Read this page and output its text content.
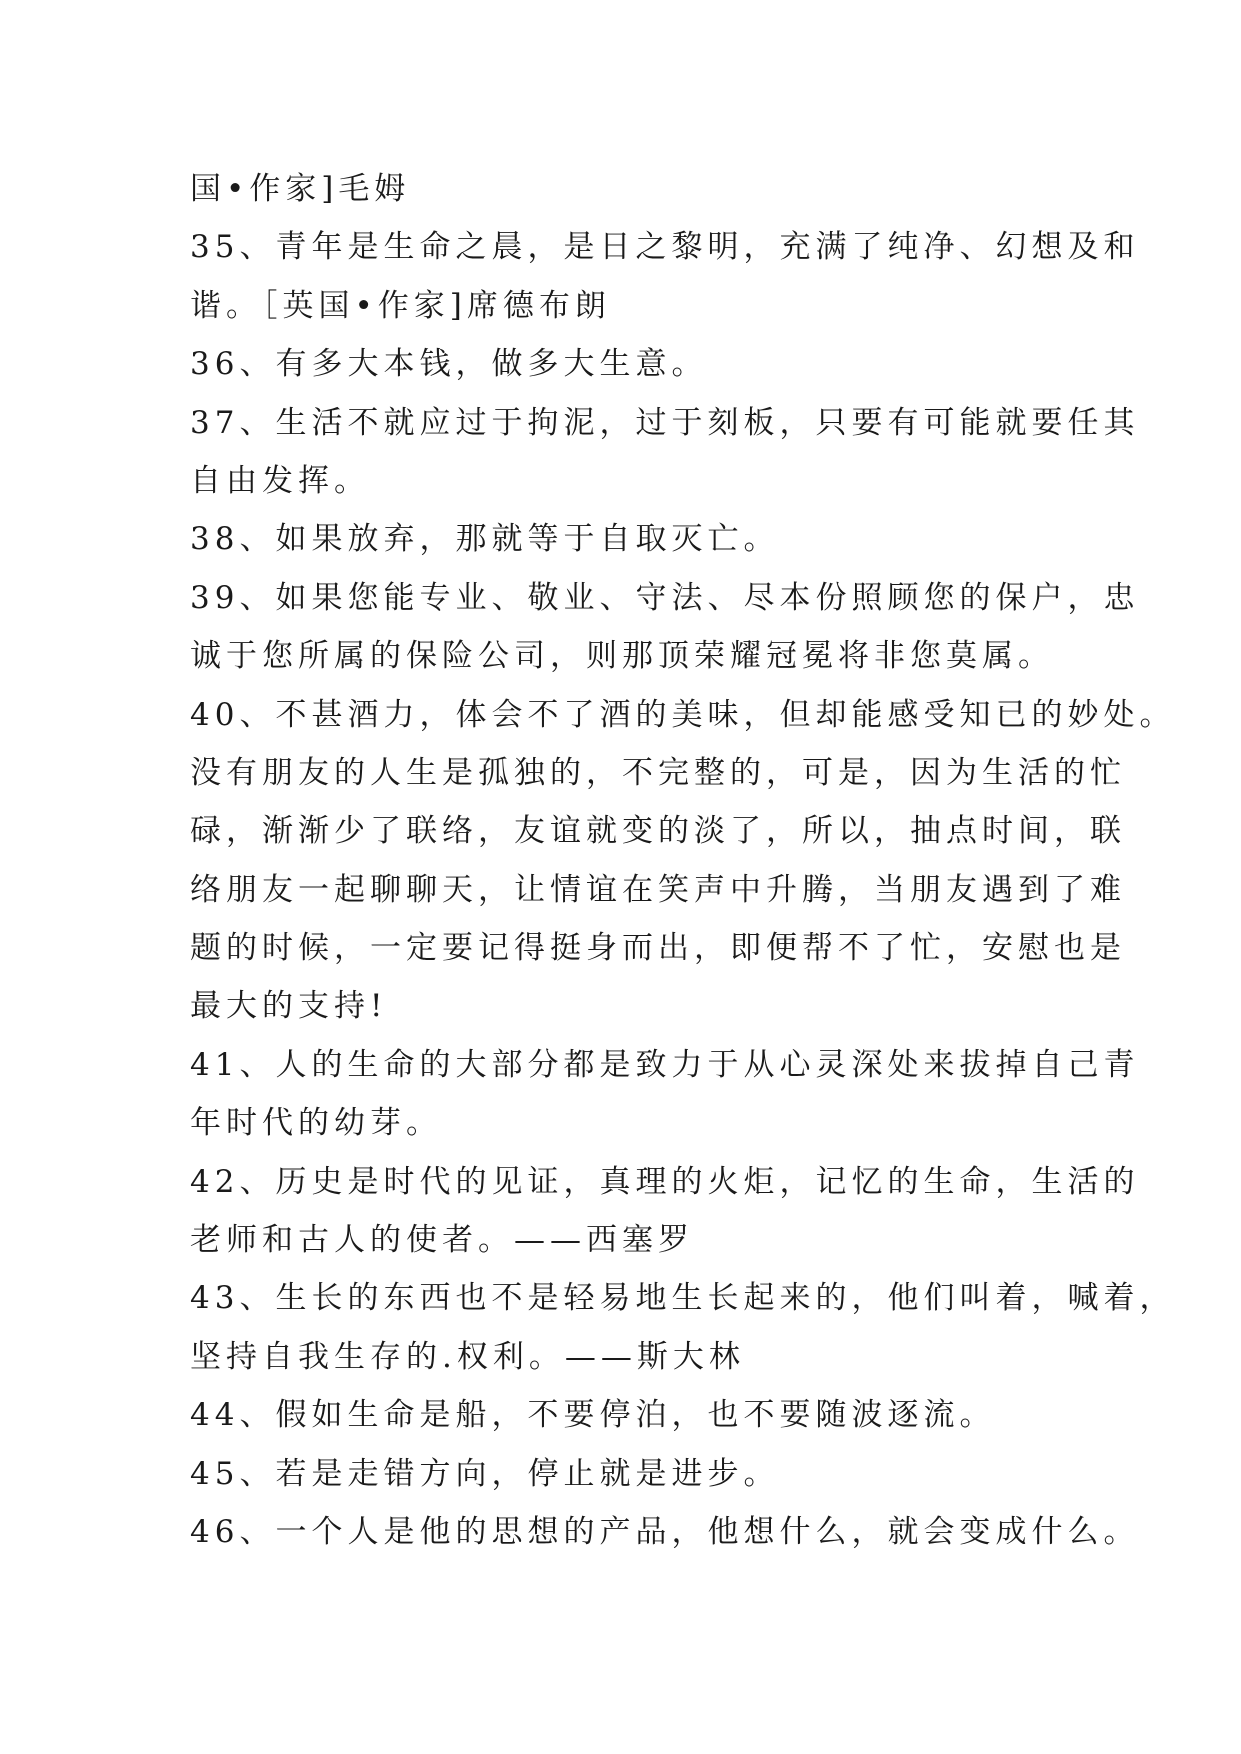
国•作家]毛姆
35、青年是生命之晨，是日之黎明，充满了纯净、幻想及和
谐。［英国•作家]席德布朗
36、有多大本钱，做多大生意。
37、生活不就应过于拘泥，过于刻板，只要有可能就要任其
自由发挥。
38、如果放弃，那就等于自取灭亡。
39、如果您能专业、敬业、守法、尽本份照顾您的保户，忠
诚于您所属的保险公司，则那顶荣耀冠冕将非您莫属。
40、不甚酒力，体会不了酒的美味，但却能感受知已的妙处。
没有朋友的人生是孤独的，不完整的，可是，因为生活的忙
碌，渐渐少了联络，友谊就变的淡了，所以，抽点时间，联
络朋友一起聊聊天，让情谊在笑声中升腾，当朋友遇到了难
题的时候，一定要记得挺身而出，即便帮不了忙，安慰也是
最大的支持!
41、人的生命的大部分都是致力于从心灵深处来拔掉自己青
年时代的幼芽。
42、历史是时代的见证，真理的火炬，记忆的生命，生活的
老师和古人的使者。——西塞罗
43、生长的东西也不是轻易地生长起来的，他们叫着，喊着，
坚持自我生存的.权利。——斯大林
44、假如生命是船，不要停泊，也不要随波逐流。
45、若是走错方向，停止就是进步。
46、一个人是他的思想的产品，他想什么，就会变成什么。
